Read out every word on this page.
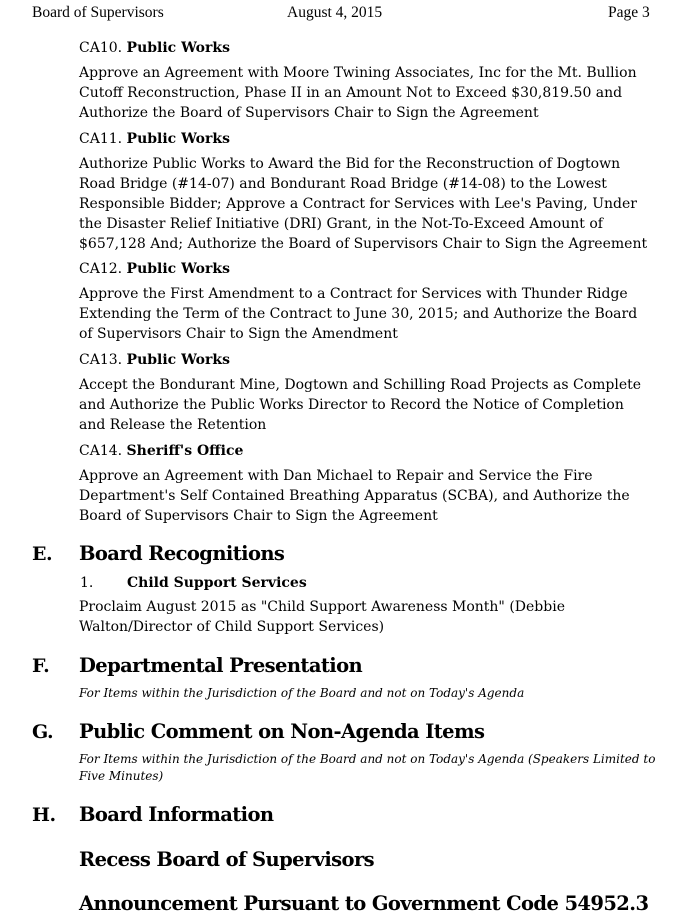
Board of Supervisors	August 4, 2015	Page 3
CA10. Public Works
Approve an Agreement with Moore Twining Associates, Inc for the Mt. Bullion
Cutoff Reconstruction, Phase II in an Amount Not to Exceed $30,819.50 and
Authorize the Board of Supervisors Chair to Sign the Agreement
CA11. Public Works
Authorize Public Works to Award the Bid for the Reconstruction of Dogtown
Road Bridge (#14-07) and Bondurant Road Bridge (#14-08) to the Lowest
Responsible Bidder; Approve a Contract for Services with Lee's Paving, Under
the Disaster Relief Initiative (DRI) Grant, in the Not-To-Exceed Amount of
$657,128 And; Authorize the Board of Supervisors Chair to Sign the Agreement
CA12. Public Works
Approve the First Amendment to a Contract for Services with Thunder Ridge
Extending the Term of the Contract to June 30, 2015; and Authorize the Board
of Supervisors Chair to Sign the Amendment
CA13. Public Works
Accept the Bondurant Mine, Dogtown and Schilling Road Projects as Complete
and Authorize the Public Works Director to Record the Notice of Completion
and Release the Retention
CA14. Sheriff's Office
Approve an Agreement with Dan Michael to Repair and Service the Fire
Department's Self Contained Breathing Apparatus (SCBA), and Authorize the
Board of Supervisors Chair to Sign the Agreement
E. Board Recognitions
1. Child Support Services
Proclaim August 2015 as "Child Support Awareness Month" (Debbie
Walton/Director of Child Support Services)
F. Departmental Presentation
For Items within the Jurisdiction of the Board and not on Today's Agenda
G. Public Comment on Non-Agenda Items
For Items within the Jurisdiction of the Board and not on Today's Agenda (Speakers Limited to
Five Minutes)
H. Board Information
Recess Board of Supervisors
Announcement Pursuant to Government Code 54952.3
